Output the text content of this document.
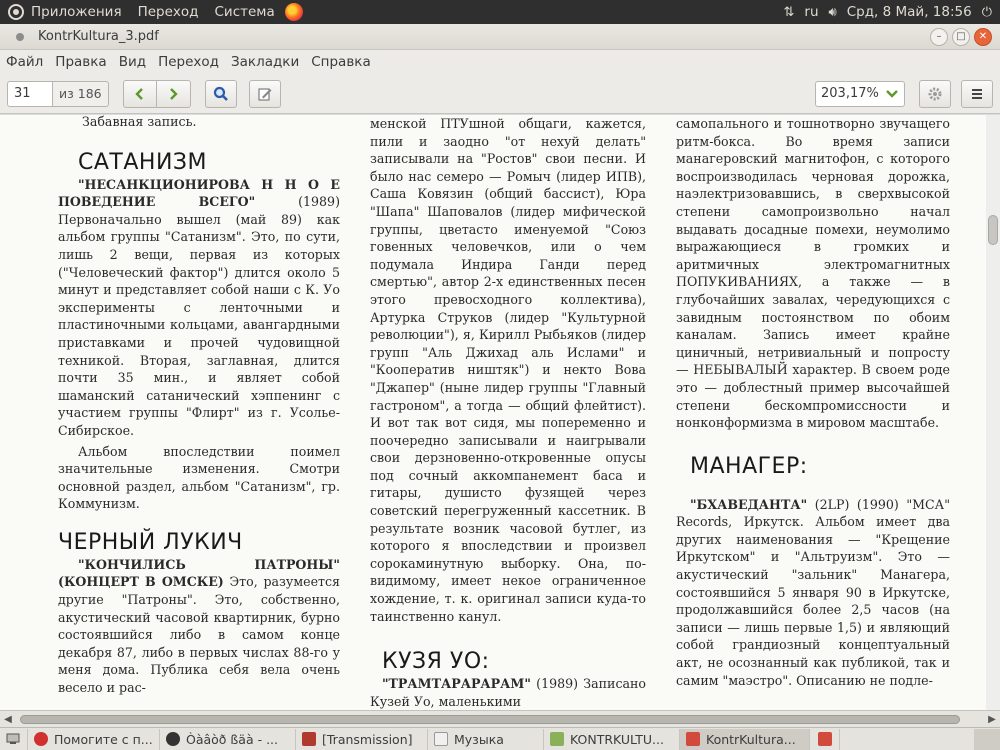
Приложения Переход Система	⇅ ru 🔊︎ Срд, 8 Май, 18:56 ⏻
KontrKultura_3.pdf	–	□	✕
Файл Правка Вид Переход Закладки Справка
31	из 186	203,17%

Забавная запись.

САТАНИЗМ

"НЕСАНКЦИОНИРОВА Н Н О Е ПОВЕДЕНИЕ ВСЕГО" (1989) Первоначально вышел (май 89) как альбом группы "Сатанизм". Это, по сути, лишь 2 вещи, первая из которых ("Человеческий фактор") длится около 5 минут и представляет собой наши с К. Уо эксперименты с ленточными и пластиночными кольцами, авангардными приставками и прочей чудовищной техникой. Вторая, заглавная, длится почти 35 мин., и являет собой шаманский сатанический хэппенинг с участием группы "Флирт" из г. Усолье-Сибирское.

Альбом впоследствии поимел значительные изменения. Смотри основной раздел, альбом "Сатанизм", гр. Коммунизм.

ЧЕРНЫЙ ЛУКИЧ

"КОНЧИЛИСЬ ПАТРОНЫ" (КОНЦЕРТ В ОМСКЕ) Это, разумеется другие "Патроны". Это, собственно, акустический часовой квартирник, бурно состоявшийся либо в самом конце декабря 87, либо в первых числах 88-го у меня дома. Публика себя вела очень весело и рас-

менской ПТУшной общаги, кажется, пили и заодно "от нехуй делать" записывали на "Ростов" свои песни. И было нас семеро — Ромыч (лидер ИПВ), Саша Ковязин (общий бассист), Юра "Шапа" Шаповалов (лидер мифической группы, цветасто именуемой "Союз говенных человечков, или о чем подумала Индира Ганди перед смертью", автор 2-х единственных песен этого превосходного коллектива), Артурка Струков (лидер "Культурной революции"), я, Кирилл Рыбьяков (лидер групп "Аль Джихад аль Ислами" и "Кооператив ништяк") и некто Вова "Джапер" (ныне лидер группы "Главный гастроном", а тогда — общий флейтист). И вот так вот сидя, мы попеременно и поочередно записывали и наигрывали свои дерзновенно-откровенные опусы под сочный аккомпанемент баса и гитары, душисто фузящей через советский перегруженный кассетник. В результате возник часовой бутлег, из которого я впоследствии и произвел сорокаминутную выборку. Она, по-видимому, имеет некое ограниченное хождение, т. к. оригинал записи куда-то таинственно канул.

КУЗЯ УО:

"ТРАМТАРАРАРАМ" (1989) Записано Кузей Уо, маленькими

самопального и тошнотворно звучащего ритм-бокса. Во время записи манагеровский магнитофон, с которого воспроизводилась черновая дорожка, наэлектризовавшись, в сверхвысокой степени самопроизвольно начал выдавать досадные помехи, неумолимо выражающиеся в громких и аритмичных электромагнитных ПОПУКИВАНИЯХ, а также — в глубочайших завалах, чередующихся с завидным постоянством по обоим каналам. Запись имеет крайне циничный, нетривиальный и попросту — НЕБЫВАЛЫЙ характер. В своем роде это — доблестный пример высочайшей степени бескомпромиссности и нонконформизма в мировом масштабе.

МАНАГЕР:

"БХАВЕДАНТА" (2LP) (1990) "МСА" Records, Иркутск. Альбом имеет два других наименования — "Крещение Иркутском" и "Альтруизм". Это — акустический "зальник" Манагера, состоявшийся 5 января 90 в Иркутске, продолжавшийся более 2,5 часов (на записи — лишь первые 1,5) и являющий собой грандиозный концептуальный акт, не осознанный как публикой, так и самим "маэстро". Описанию не подле-

◀	▶
Помогите с п...	Òàâòð ßäà - ...	[Transmission]	Музыка	KONTRKULTU...	KontrKultura...
